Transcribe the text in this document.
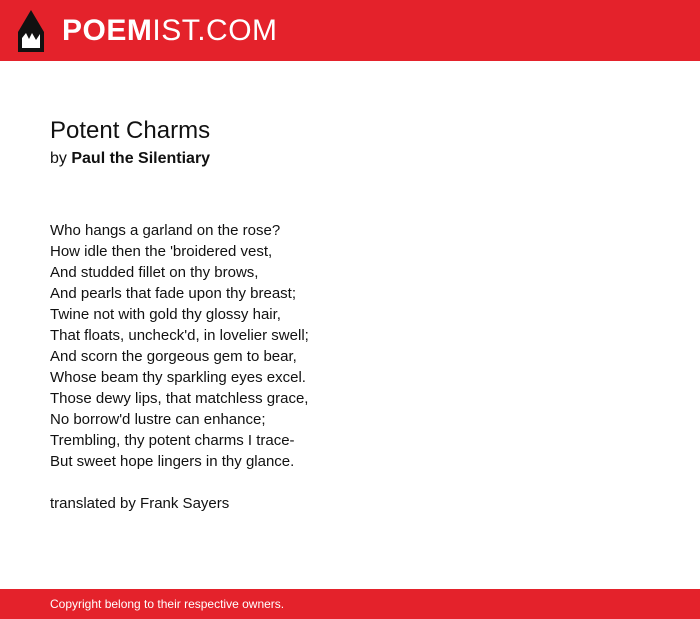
POEMIST.COM
Potent Charms
by Paul the Silentiary
Who hangs a garland on the rose?
How idle then the 'broidered vest,
And studded fillet on thy brows,
And pearls that fade upon thy breast;
Twine not with gold thy glossy hair,
That floats, uncheck'd, in lovelier swell;
And scorn the gorgeous gem to bear,
Whose beam thy sparkling eyes excel.
Those dewy lips, that matchless grace,
No borrow'd lustre can enhance;
Trembling, thy potent charms I trace-
But sweet hope lingers in thy glance.
translated by Frank Sayers
Copyright belong to their respective owners.
